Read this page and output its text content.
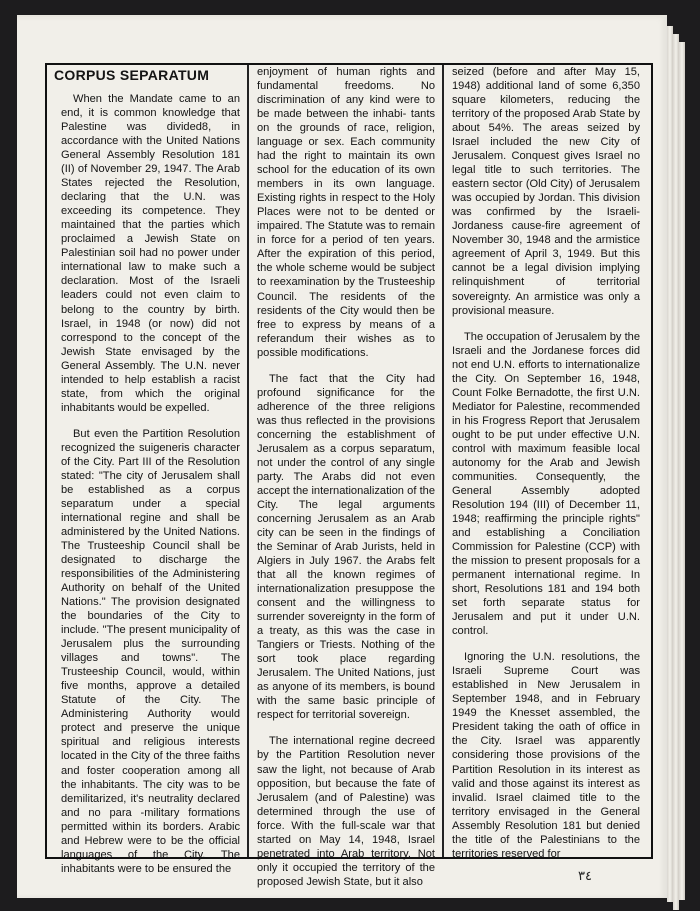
CORPUS SEPARATUM

When the Mandate came to an end, it is common knowledge that Palestine was divided8, in accordance with the United Nations General Assembly Resolution 181 (II) of November 29, 1947. The Arab States rejected the Resolution, declaring that the U.N. was exceeding its competence. They maintained that the parties which proclaimed a Jewish State on Palestinian soil had no power under international law to make such a declaration. Most of the Israeli leaders could not even claim to belong to the country by birth. Israel, in 1948 (or now) did not correspond to the concept of the Jewish State envisaged by the General Assembly. The U.N. never intended to help establish a racist state, from which the original inhabitants would be expelled.

But even the Partition Resolution recognized the suigeneris character of the City. Part III of the Resolution stated: "The city of Jerusalem shall be established as a corpus separatum under a special international regine and shall be administered by the United Nations. The Trusteeship Council shall be designated to discharge the responsibilities of the Administering Authority on behalf of the United Nations." The provision designated the boundaries of the City to include. "The present municipality of Jerusalem plus the surrounding villages and towns". The Trusteeship Council, would, within five months, approve a detailed Statute of the City. The Administering Authority would protect and preserve the unique spiritual and religious interests located in the City of the three faiths and foster cooperation among all the inhabitants. The city was to be demilitarized, it's neutrality declared and no para -military formations permitted within its borders. Arabic and Hebrew were to be the official languages of the City. The inhabitants were to be ensured the

enjoyment of human rights and fundamental freedoms. No discrimination of any kind were to be made between the inhabi- tants on the grounds of race, religion, language or sex. Each community had the right to maintain its own school for the education of its own members in its own language. Existing rights in respect to the Holy Places were not to be dented or impaired. The Statute was to remain in force for a period of ten years. After the expiration of this period, the whole scheme would be subject to reexamination by the Trusteeship Council. The residents of the residents of the City would then be free to express by means of a referandum their wishes as to possible modifications.

The fact that the City had profound significance for the adherence of the three religions was thus reflected in the provisions concerning the establishment of Jerusalem as a corpus separatum, not under the control of any single party. The Arabs did not even accept the internationalization of the City. The legal arguments concerning Jerusalem as an Arab city can be seen in the findings of the Seminar of Arab Jurists, held in Algiers in July 1967. the Arabs felt that all the known regimes of internationalization presuppose the consent and the willingness to surrender sovereignty in the form of a treaty, as this was the case in Tangiers or Triests. Nothing of the sort took place regarding Jerusalem. The United Nations, just as anyone of its members, is bound with the same basic principle of respect for territorial sovereign.

The international regine decreed by the Partition Resolution never saw the light, not because of Arab opposition, but because the fate of Jerusalem (and of Palestine) was determined through the use of force. With the full-scale war that started on May 14, 1948, Israel penetrated into Arab territory. Not only it occupied the territory of the proposed Jewish State, but it also

seized (before and after May 15, 1948) additional land of some 6,350 square kilometers, reducing the territory of the proposed Arab State by about 54%. The areas seized by Israel included the new City of Jerusalem. Conquest gives Israel no legal title to such territories. The eastern sector (Old City) of Jerusalem was occupied by Jordan. This division was confirmed by the Israeli-Jordaness cause-fire agreement of November 30, 1948 and the armistice agreement of April 3, 1949. But this cannot be a legal division implying relinquishment of territorial sovereignty. An armistice was only a provisional measure.

The occupation of Jerusalem by the Israeli and the Jordanese forces did not end U.N. efforts to internationalize the City. On September 16, 1948, Count Folke Bernadotte, the first U.N. Mediator for Palestine, recommended in his Frogress Report that Jerusalem ought to be put under effective U.N. control with maximum feasible local autonomy for the Arab and Jewish communities. Consequently, the General Assembly adopted Resolution 194 (III) of December 11, 1948; reaffirming the principle rights" and establishing a Conciliation Commission for Palestine (CCP) with the mission to present proposals for a permanent international regime. In short, Resolutions 181 and 194 both set forth separate status for Jerusalem and put it under U.N. control.

Ignoring the U.N. resolutions, the Israeli Supreme Court was established in New Jerusalem in September 1948, and in February 1949 the Knesset assembled, the President taking the oath of office in the City. Israel was apparently considering those provisions of the Partition Resolution in its interest as valid and those against its interest as invalid. Israel claimed title to the territory envisaged in the General Assembly Resolution 181 but denied the title of the Palestinians to the territories reserved for

٣٤
